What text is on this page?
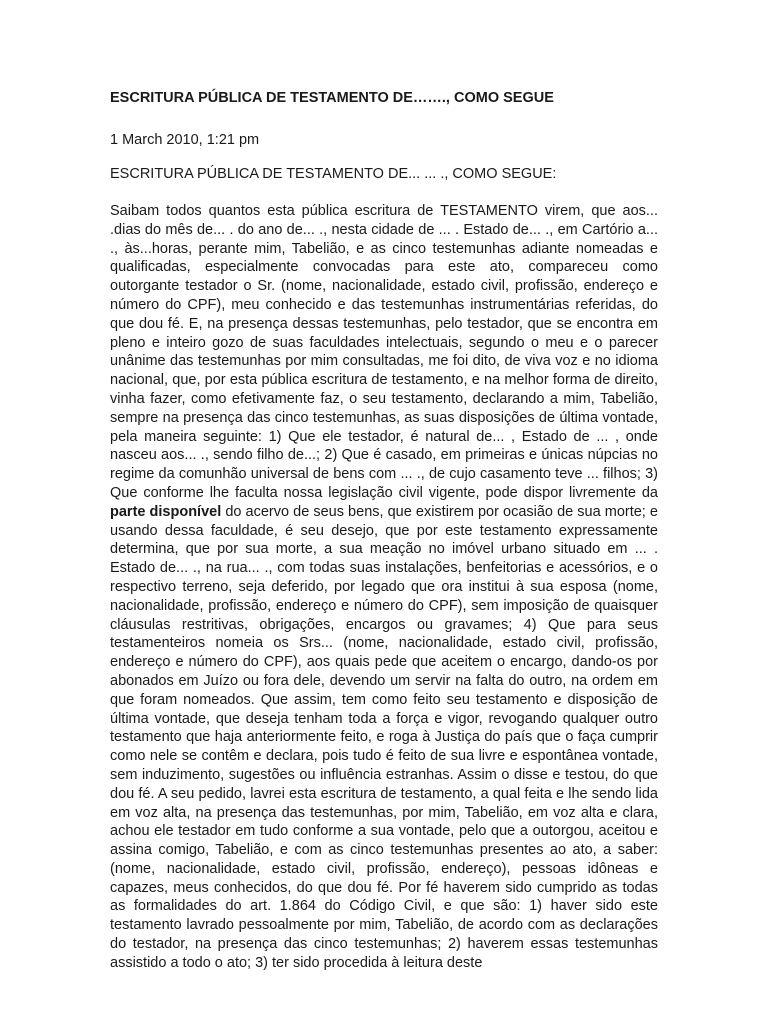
ESCRITURA PÚBLICA DE TESTAMENTO DE……., COMO SEGUE
1 March 2010, 1:21 pm
ESCRITURA PÚBLICA DE TESTAMENTO DE... ... ., COMO SEGUE:

Saibam todos quantos esta pública escritura de TESTAMENTO virem, que aos... .dias do mês de... . do ano de... ., nesta cidade de ... . Estado de... ., em Cartório a... ., às...horas, perante mim, Tabelião, e as cinco testemunhas adiante nomeadas e qualificadas, especialmente convocadas para este ato, compareceu como outorgante testador o Sr. (nome, nacionalidade, estado civil, profissão, endereço e número do CPF), meu conhecido e das testemunhas instrumentárias referidas, do que dou fé. E, na presença dessas testemunhas, pelo testador, que se encontra em pleno e inteiro gozo de suas faculdades intelectuais, segundo o meu e o parecer unânime das testemunhas por mim consultadas, me foi dito, de viva voz e no idioma nacional, que, por esta pública escritura de testamento, e na melhor forma de direito, vinha fazer, como efetivamente faz, o seu testamento, declarando a mim, Tabelião, sempre na presença das cinco testemunhas, as suas disposições de última vontade, pela maneira seguinte: 1) Que ele testador, é natural de... , Estado de ... , onde nasceu aos... ., sendo filho de...; 2) Que é casado, em primeiras e únicas núpcias no regime da comunhão universal de bens com ... ., de cujo casamento teve ... filhos; 3) Que conforme lhe faculta nossa legislação civil vigente, pode dispor livremente da parte disponível do acervo de seus bens, que existirem por ocasião de sua morte; e usando dessa faculdade, é seu desejo, que por este testamento expressamente determina, que por sua morte, a sua meação no imóvel urbano situado em ... . Estado de... ., na rua... ., com todas suas instalações, benfeitorias e acessórios, e o respectivo terreno, seja deferido, por legado que ora institui à sua esposa (nome, nacionalidade, profissão, endereço e número do CPF), sem imposição de quaisquer cláusulas restritivas, obrigações, encargos ou gravames; 4) Que para seus testamenteiros nomeia os Srs... (nome, nacionalidade, estado civil, profissão, endereço e número do CPF), aos quais pede que aceitem o encargo, dando-os por abonados em Juízo ou fora dele, devendo um servir na falta do outro, na ordem em que foram nomeados. Que assim, tem como feito seu testamento e disposição de última vontade, que deseja tenham toda a força e vigor, revogando qualquer outro testamento que haja anteriormente feito, e roga à Justiça do país que o faça cumprir como nele se contêm e declara, pois tudo é feito de sua livre e espontânea vontade, sem induzimento, sugestões ou influência estranhas. Assim o disse e testou, do que dou fé. A seu pedido, lavrei esta escritura de testamento, a qual feita e lhe sendo lida em voz alta, na presença das testemunhas, por mim, Tabelião, em voz alta e clara, achou ele testador em tudo conforme a sua vontade, pelo que a outorgou, aceitou e assina comigo, Tabelião, e com as cinco testemunhas presentes ao ato, a saber: (nome, nacionalidade, estado civil, profissão, endereço), pessoas idôneas e capazes, meus conhecidos, do que dou fé. Por fé haverem sido cumprido as todas as formalidades do art. 1.864 do Código Civil, e que são: 1) haver sido este testamento lavrado pessoalmente por mim, Tabelião, de acordo com as declarações do testador, na presença das cinco testemunhas; 2) haverem essas testemunhas assistido a todo o ato; 3) ter sido procedida à leitura deste
